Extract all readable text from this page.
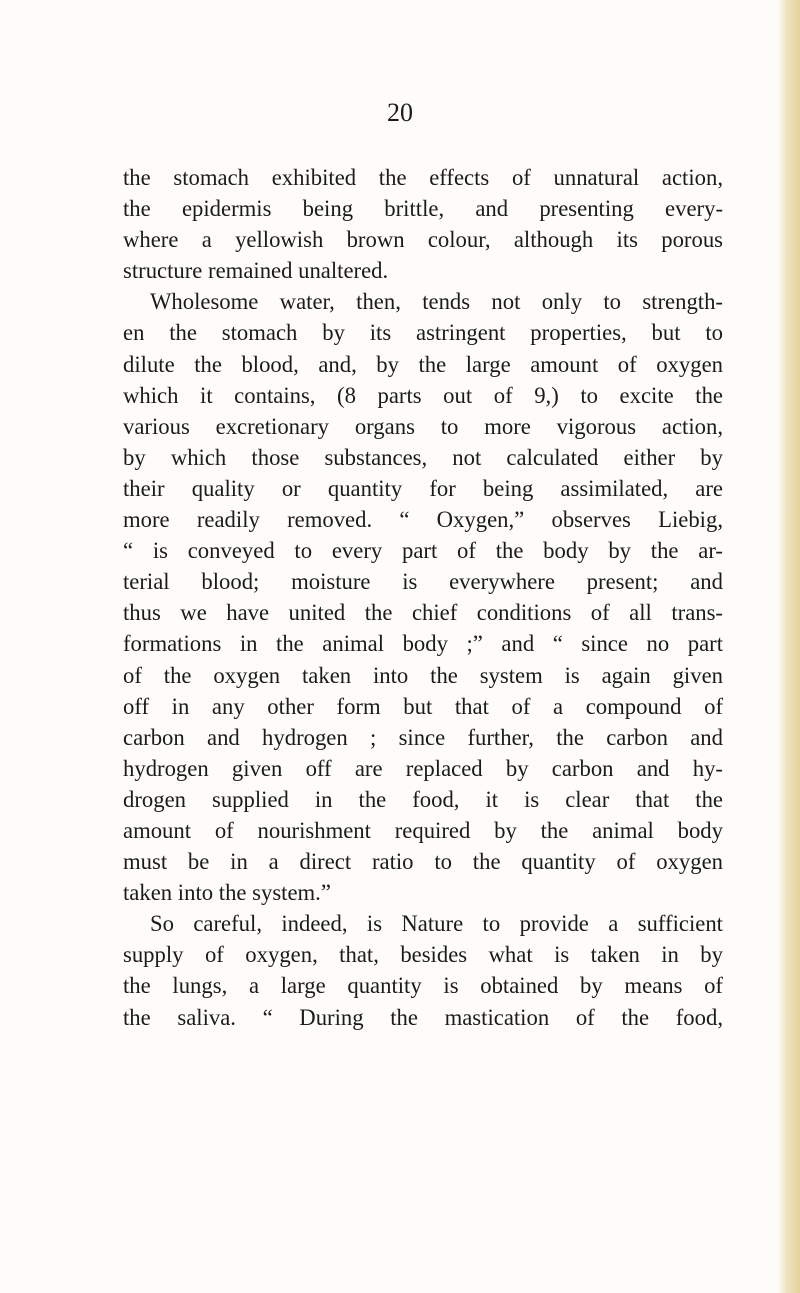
20
the stomach exhibited the effects of unnatural action,
the epidermis being brittle, and presenting every-
where a yellowish brown colour, although its porous
structure remained unaltered.
Wholesome water, then, tends not only to strength-
en the stomach by its astringent properties, but to
dilute the blood, and, by the large amount of oxygen
which it contains, (8 parts out of 9,) to excite the
various excretionary organs to more vigorous action,
by which those substances, not calculated either by
their quality or quantity for being assimilated, are
more readily removed. “ Oxygen,” observes Liebig,
“ is conveyed to every part of the body by the ar-
terial blood; moisture is everywhere present; and
thus we have united the chief conditions of all trans-
formations in the animal body ;” and “ since no part
of the oxygen taken into the system is again given
off in any other form but that of a compound of
carbon and hydrogen ; since further, the carbon and
hydrogen given off are replaced by carbon and hy-
drogen supplied in the food, it is clear that the
amount of nourishment required by the animal body
must be in a direct ratio to the quantity of oxygen
taken into the system.”
So careful, indeed, is Nature to provide a sufficient
supply of oxygen, that, besides what is taken in by
the lungs, a large quantity is obtained by means of
the saliva. “ During the mastication of the food,
